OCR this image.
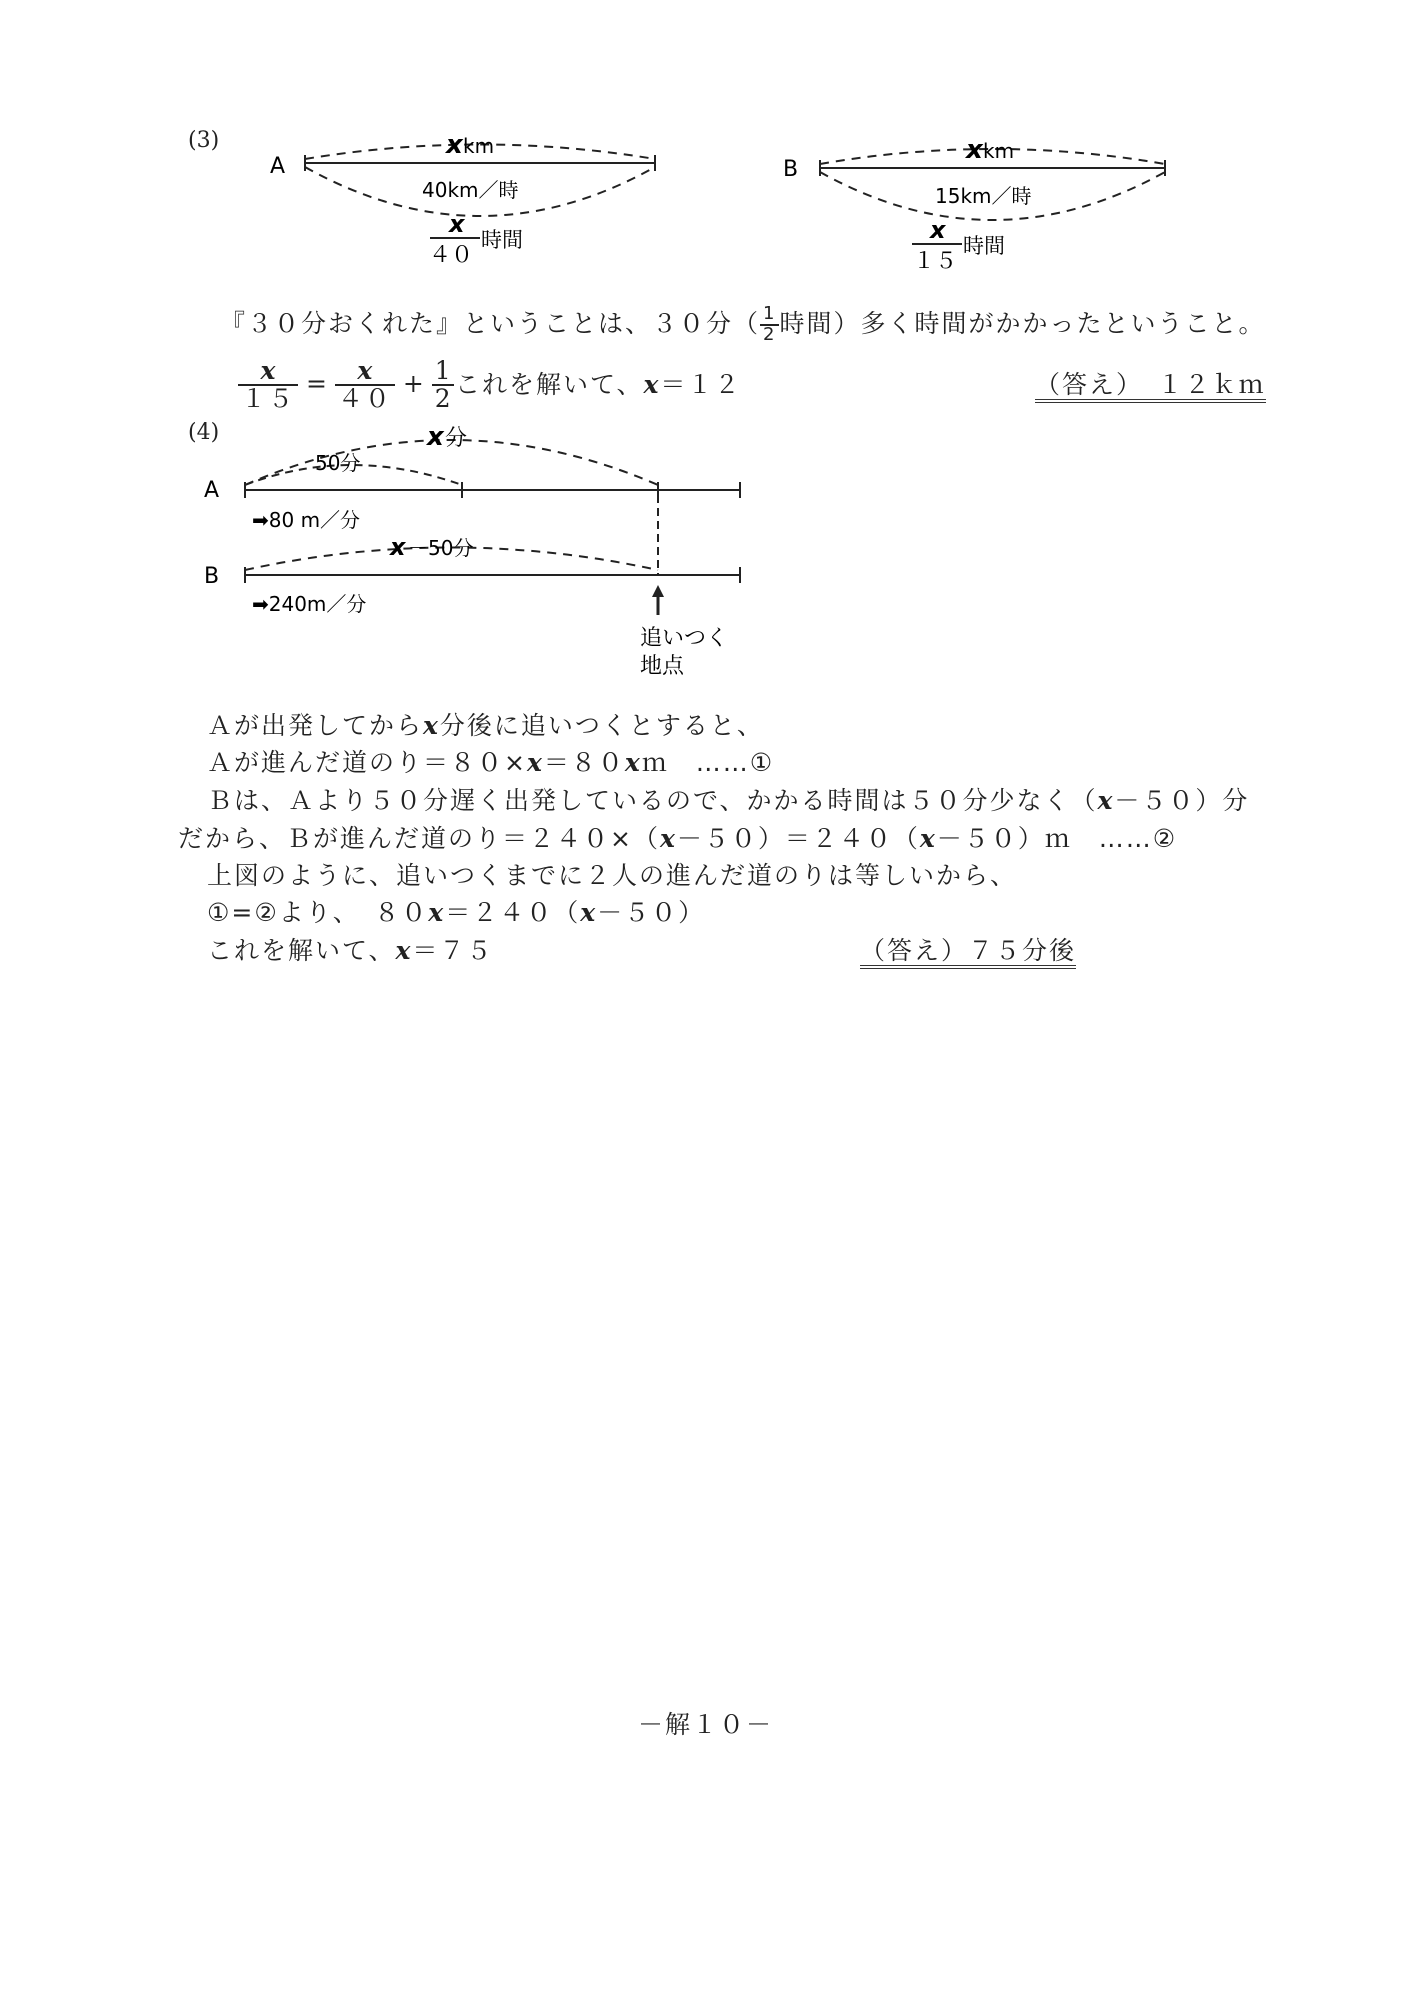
(3)
A
x km
40km／時
x
４０
時間
B
x km
15km／時
x
１５
時間
『３０分おくれた』ということは、３０分（ $\frac{1}{2}$ 時間）多く時間がかかったということ。
$\frac{x}{15} = \frac{x}{40} + \frac{1}{2}$ これを解いて、x＝１２	（答え）　１２ｋｍ
(4)
A
x 分
50分
➡80 m／分
B
x －50分
➡240m／分
追いつく
地点
Ａが出発してからx分後に追いつくとすると、
Ａが進んだ道のり＝８０×x＝８０xｍ　……①
Ｂは、Ａより５０分遅く出発しているので、かかる時間は５０分少なく（x－５０）分
だから、Ｂが進んだ道のり＝２４０×（x－５０）＝２４０（x－５０）ｍ　……②
上図のように、追いつくまでに２人の進んだ道のりは等しいから、
①=②より、　８０x＝２４０（x－５０）
これを解いて、x＝７５	（答え）７５分後
－解１０－
